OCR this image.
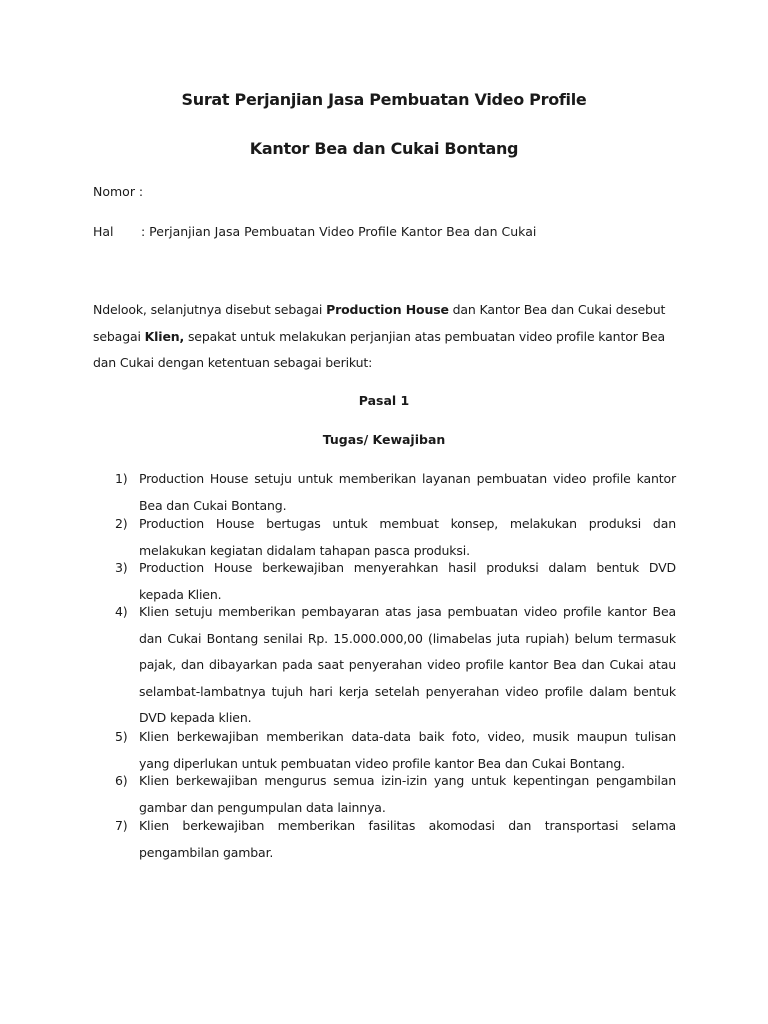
Surat Perjanjian Jasa Pembuatan Video Profile
Kantor Bea dan Cukai Bontang
Nomor :
Hal : Perjanjian Jasa Pembuatan Video Profile Kantor Bea dan Cukai

Ndelook, selanjutnya disebut sebagai Production House dan Kantor Bea dan Cukai desebut

sebagai Klien, sepakat untuk melakukan perjanjian atas pembuatan video profile kantor Bea

dan Cukai dengan ketentuan sebagai berikut:

Pasal 1
Tugas/ Kewajiban
1) Production House setuju untuk memberikan layanan pembuatan video profile kantor
Bea dan Cukai Bontang.
2) Production House bertugas untuk membuat konsep, melakukan produksi dan
melakukan kegiatan didalam tahapan pasca produksi.
3) Production House berkewajiban menyerahkan hasil produksi dalam bentuk DVD
kepada Klien.
4) Klien setuju memberikan pembayaran atas jasa pembuatan video profile kantor Bea
dan Cukai Bontang senilai Rp. 15.000.000,00 (limabelas juta rupiah) belum termasuk
pajak, dan dibayarkan pada saat penyerahan video profile kantor Bea dan Cukai atau
selambat-lambatnya tujuh hari kerja setelah penyerahan video profile dalam bentuk
DVD kepada klien.
5) Klien berkewajiban memberikan data-data baik foto, video, musik maupun tulisan
yang diperlukan untuk pembuatan video profile kantor Bea dan Cukai Bontang.
6) Klien berkewajiban mengurus semua izin-izin yang untuk kepentingan pengambilan
gambar dan pengumpulan data lainnya.
7) Klien berkewajiban memberikan fasilitas akomodasi dan transportasi selama
pengambilan gambar.
